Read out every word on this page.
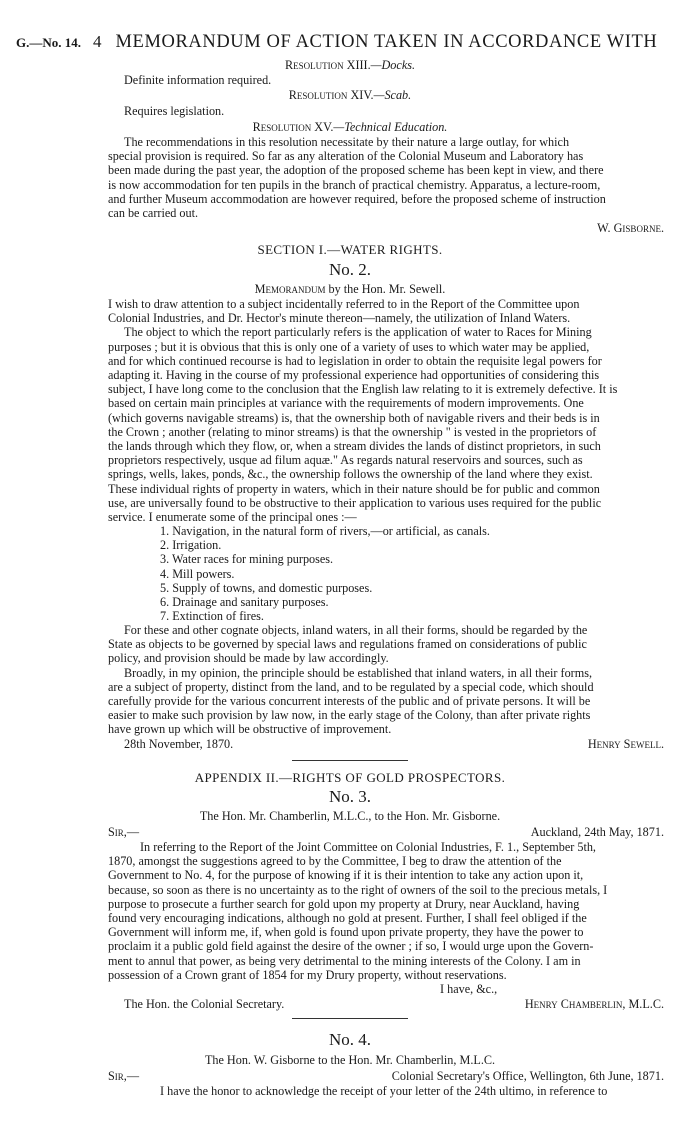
G.—No. 14. 4 MEMORANDUM OF ACTION TAKEN IN ACCORDANCE WITH
Resolution XIII.—Docks.
Definite information required.
Resolution XIV.—Scab.
Requires legislation.
Resolution XV.—Technical Education.
The recommendations in this resolution necessitate by their nature a large outlay, for which
special provision is required. So far as any alteration of the Colonial Museum and Laboratory has
been made during the past year, the adoption of the proposed scheme has been kept in view, and there
is now accommodation for ten pupils in the branch of practical chemistry. Apparatus, a lecture-room,
and further Museum accommodation are however required, before the proposed scheme of instruction
can be carried out.
W. Gisborne.
SECTION I.—WATER RIGHTS.
No. 2.
Memorandum by the Hon. Mr. Sewell.
I wish to draw attention to a subject incidentally referred to in the Report of the Committee upon
Colonial Industries, and Dr. Hector's minute thereon—namely, the utilization of Inland Waters.
The object to which the report particularly refers is the application of water to Races for Mining
purposes ; but it is obvious that this is only one of a variety of uses to which water may be applied,
and for which continued recourse is had to legislation in order to obtain the requisite legal powers for
adapting it. Having in the course of my professional experience had opportunities of considering this
subject, I have long come to the conclusion that the English law relating to it is extremely defective. It is
based on certain main principles at variance with the requirements of modern improvements. One
(which governs navigable streams) is, that the ownership both of navigable rivers and their beds is in
the Crown ; another (relating to minor streams) is that the ownership " is vested in the proprietors of
the lands through which they flow, or, when a stream divides the lands of distinct proprietors, in such
proprietors respectively, usque ad filum aquæ." As regards natural reservoirs and sources, such as
springs, wells, lakes, ponds, &c., the ownership follows the ownership of the land where they exist.
These individual rights of property in waters, which in their nature should be for public and common
use, are universally found to be obstructive to their application to various uses required for the public
service. I enumerate some of the principal ones :—
1. Navigation, in the natural form of rivers,—or artificial, as canals.
2. Irrigation.
3. Water races for mining purposes.
4. Mill powers.
5. Supply of towns, and domestic purposes.
6. Drainage and sanitary purposes.
7. Extinction of fires.
For these and other cognate objects, inland waters, in all their forms, should be regarded by the
State as objects to be governed by special laws and regulations framed on considerations of public
policy, and provision should be made by law accordingly.
Broadly, in my opinion, the principle should be established that inland waters, in all their forms,
are a subject of property, distinct from the land, and to be regulated by a special code, which should
carefully provide for the various concurrent interests of the public and of private persons. It will be
easier to make such provision by law now, in the early stage of the Colony, than after private rights
have grown up which will be obstructive of improvement.
28th November, 1870.	Henry Sewell.
APPENDIX II.—RIGHTS OF GOLD PROSPECTORS.
No. 3.
The Hon. Mr. Chamberlin, M.L.C., to the Hon. Mr. Gisborne.
Sir,—	Auckland, 24th May, 1871.
In referring to the Report of the Joint Committee on Colonial Industries, F. 1., September 5th,
1870, amongst the suggestions agreed to by the Committee, I beg to draw the attention of the
Government to No. 4, for the purpose of knowing if it is their intention to take any action upon it,
because, so soon as there is no uncertainty as to the right of owners of the soil to the precious metals, I
purpose to prosecute a further search for gold upon my property at Drury, near Auckland, having
found very encouraging indications, although no gold at present. Further, I shall feel obliged if the
Government will inform me, if, when gold is found upon private property, they have the power to
proclaim it a public gold field against the desire of the owner ; if so, I would urge upon the Govern-
ment to annul that power, as being very detrimental to the mining interests of the Colony. I am in
possession of a Crown grant of 1854 for my Drury property, without reservations.
I have, &c.,
The Hon. the Colonial Secretary.	Henry Chamberlin, M.L.C.
No. 4.
The Hon. W. Gisborne to the Hon. Mr. Chamberlin, M.L.C.
Sir,—	Colonial Secretary's Office, Wellington, 6th June, 1871.
I have the honor to acknowledge the receipt of your letter of the 24th ultimo, in reference to
